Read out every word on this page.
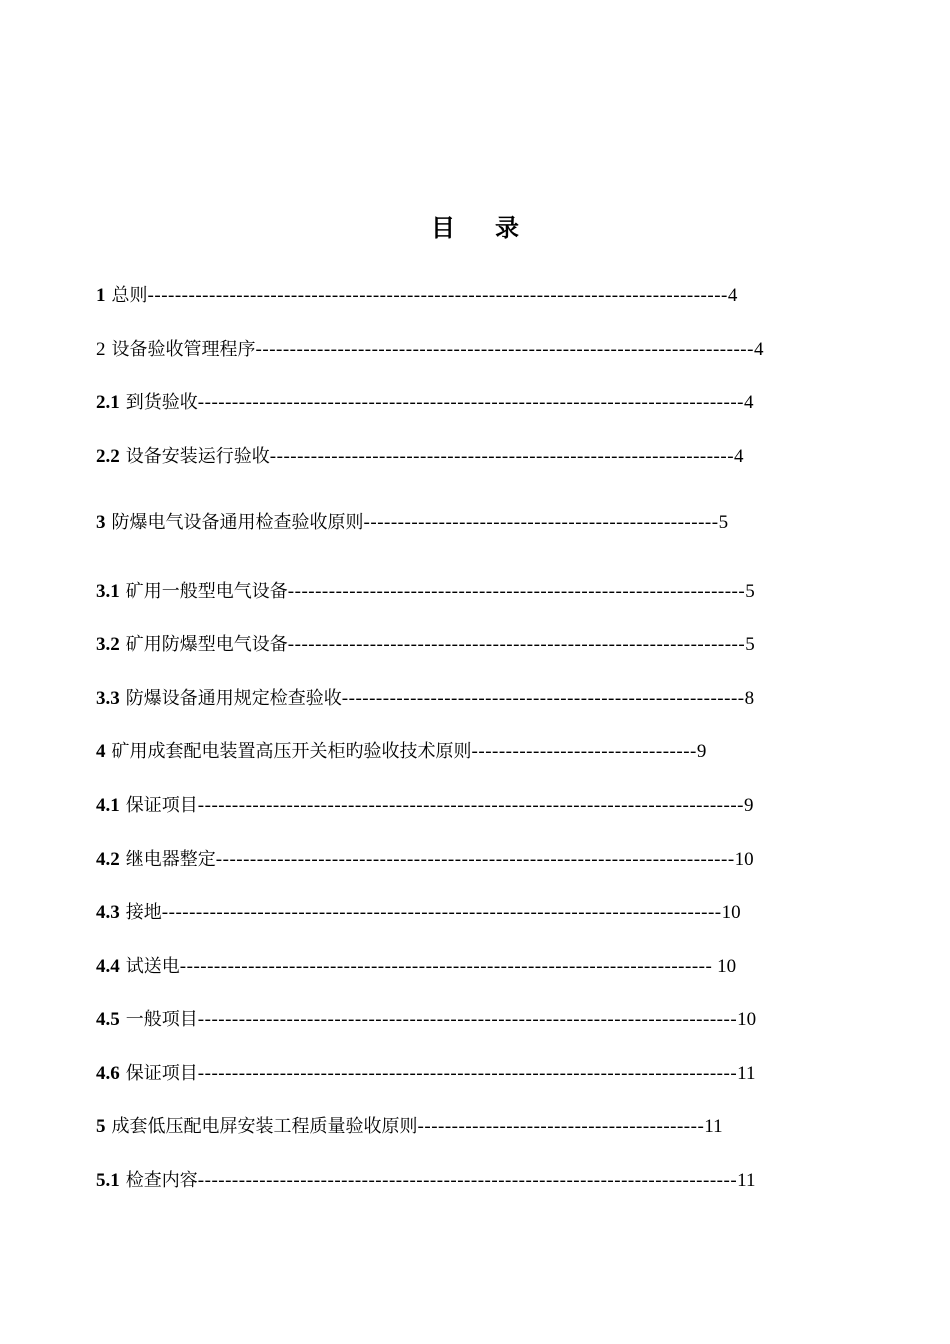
目 录
1 总则-------------------------------------------------------------------------------------4
2 设备验收管理程序-------------------------------------------------------------------------4
2.1 到货验收--------------------------------------------------------------------------------4
2.2 设备安装运行验收--------------------------------------------------------------------4
3 防爆电气设备通用检查验收原则----------------------------------------------------5
3.1 矿用一般型电气设备-------------------------------------------------------------------5
3.2 矿用防爆型电气设备-------------------------------------------------------------------5
3.3 防爆设备通用规定检查验收-----------------------------------------------------------8
4 矿用成套配电装置高压开关柜旳验收技术原则---------------------------------9
4.1 保证项目--------------------------------------------------------------------------------9
4.2 继电器整定----------------------------------------------------------------------------10
4.3 接地----------------------------------------------------------------------------------10
4.4 试送电------------------------------------------------------------------------------ 10
4.5 一般项目-------------------------------------------------------------------------------10
4.6 保证项目-------------------------------------------------------------------------------11
5 成套低压配电屏安装工程质量验收原则------------------------------------------11
5.1 检查内容-------------------------------------------------------------------------------11
